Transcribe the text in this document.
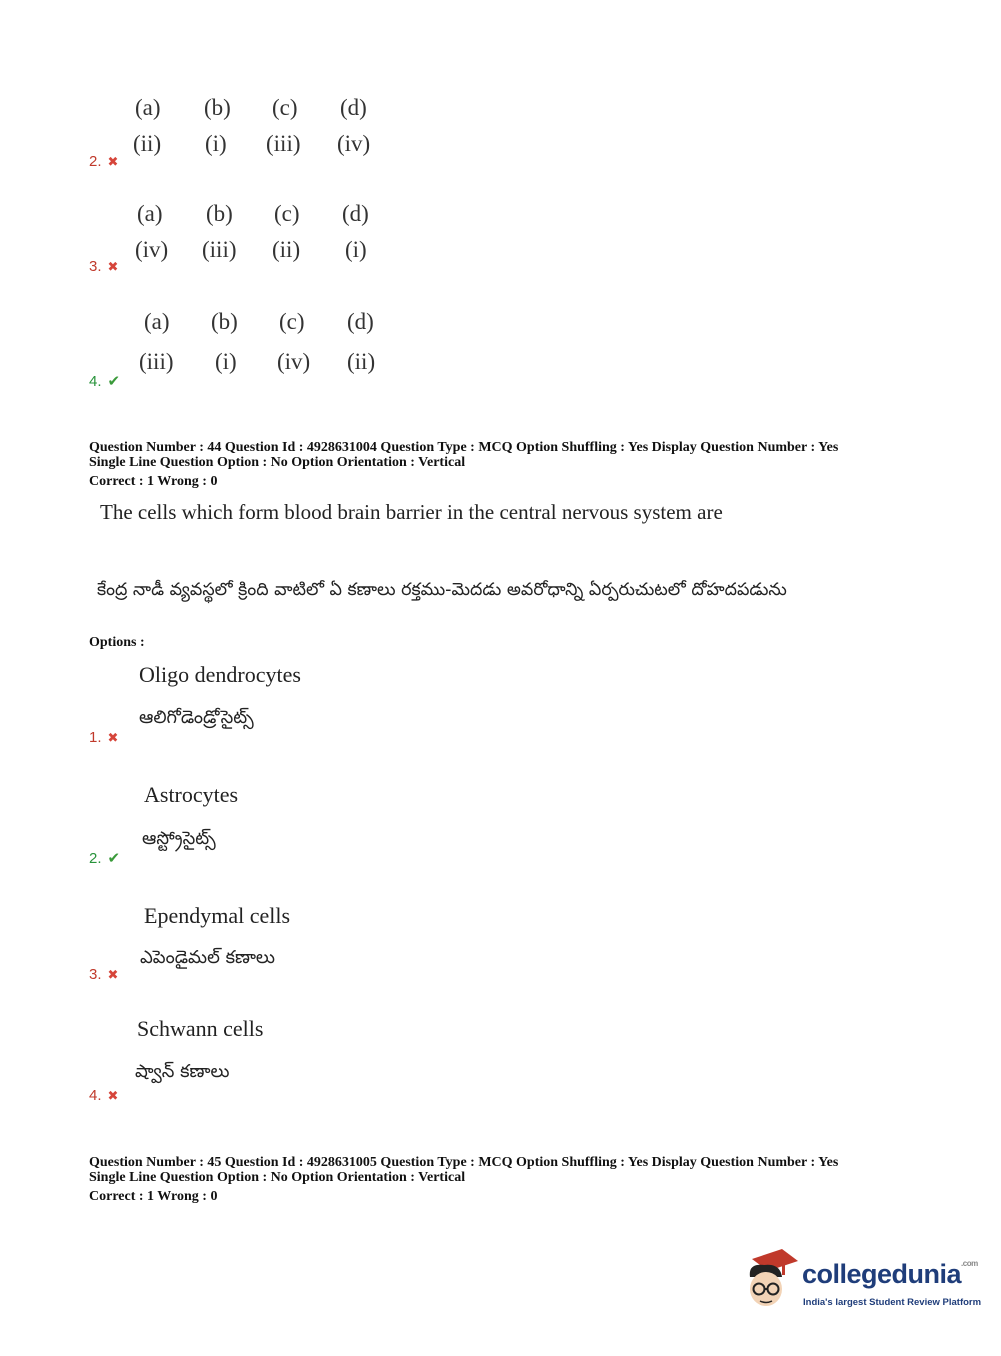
(a) (b) (c) (d)
(ii) (i) (iii) (iv)
2. ✖
(a) (b) (c) (d)
(iv) (iii) (ii) (i)
3. ✖
(a) (b) (c) (d)
(iii) (i) (iv) (ii)
4. ✔
Question Number : 44 Question Id : 4928631004 Question Type : MCQ Option Shuffling : Yes Display Question Number : Yes
Single Line Question Option : No Option Orientation : Vertical
Correct : 1 Wrong : 0
The cells which form blood brain barrier in the central nervous system are
కేంద్ర నాడీ వ్యవస్థలో క్రింది వాటిలో ఏ కణాలు రక్తము-మెదడు అవరోధాన్ని ఏర్పరుచుటలో దోహదపడును
Options :
Oligo dendrocytes
ఆలిగోడెండ్రోసైట్స్
1. ✖
Astrocytes
ఆస్ట్రోసైట్స్
2. ✔
Ependymal cells
ఎపెండైమల్ కణాలు
3. ✖
Schwann cells
ష్వాన్ కణాలు
4. ✖
Question Number : 45 Question Id : 4928631005 Question Type : MCQ Option Shuffling : Yes Display Question Number : Yes
Single Line Question Option : No Option Orientation : Vertical
Correct : 1 Wrong : 0
collegedunia$^{.com}$
India's largest Student Review Platform
